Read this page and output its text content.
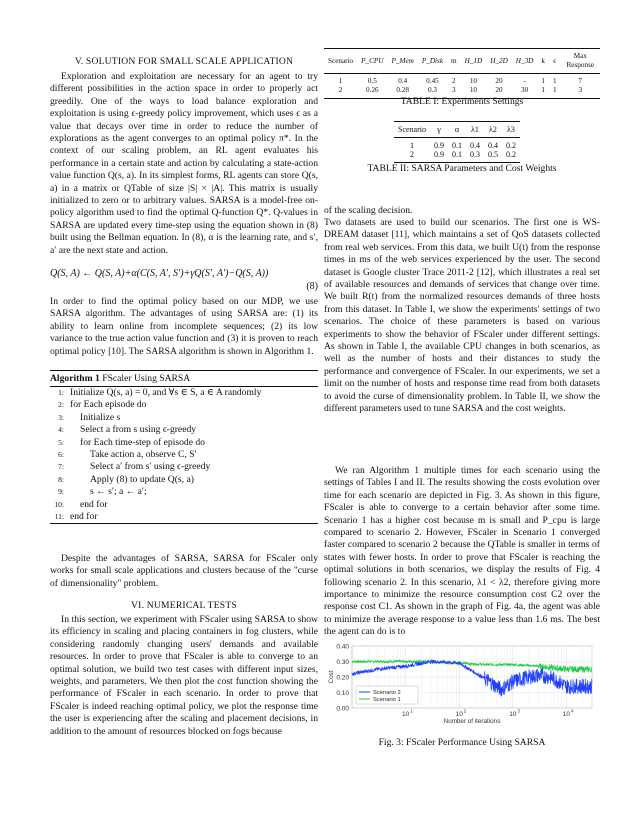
V. SOLUTION FOR SMALL SCALE APPLICATION

Exploration and exploitation are necessary for an agent to try different possibilities in the action space in order to properly act greedily. One of the ways to load balance exploration and exploitation is using ϵ-greedy policy improvement, which uses ϵ as a value that decays over time in order to reduce the number of explorations as the agent converges to an optimal policy π*. In the context of our scaling problem, an RL agent evaluates his performance in a certain state and action by calculating a state-action value function Q(s, a). In its simplest forms, RL agents can store Q(s, a) in a matrix or QTable of size |S| × |A|. This matrix is usually initialized to zero or to arbitrary values. SARSA is a model-free on-policy algorithm used to find the optimal Q-function Q*. Q-values in SARSA are updated every time-step using the equation shown in (8) built using the Bellman equation. In (8), α is the learning rate, and s′, a′ are the next state and action.

Q(S, A) ← Q(S, A)+α(C(S, A′, S′)+γQ(S′, A′)−Q(S, A))
(8)

In order to find the optimal policy based on our MDP, we use SARSA algorithm. The advantages of using SARSA are: (1) its ability to learn online from incomplete sequences; (2) its low variance to the true action value function and (3) it is proven to reach optimal policy [10]. The SARSA algorithm is shown in Algorithm 1.

Algorithm 1 FScaler Using SARSA
1: Initialize Q(s, a) = 0, and ∀s ∈ S, a ∈ A randomly
2: for Each episode do
3: Initialize s
4: Select a from s using ϵ-greedy
5: for Each time-step of episode do
6:	Take action a, observe C, S′
7:	Select a′ from s′ using ϵ-greedy
8:	Apply (8) to update Q(s, a)
9:	s ← s′; a ← a′;
10: end for
11: end for

Despite the advantages of SARSA, SARSA for FScaler only works for small scale applications and clusters because of the "curse of dimensionality" problem.

VI. NUMERICAL TESTS

In this section, we experiment with FScaler using SARSA to show its efficiency in scaling and placing containers in fog clusters, while considering randomly changing users' demands and available resources. In order to prove that FScaler is able to converge to an optimal solution, we build two test cases with different input sizes, weights, and parameters. We then plot the cost function showing the performance of FScaler in each scenario. In order to prove that FScaler is indeed reaching optimal policy, we plot the response time the user is experiencing after the scaling and placement decisions, in addition to the amount of resources blocked on fogs because

Scenario	P_CPU	P_Mem	P_Disk	m	H_1D	H_2D	H_3D	k	ϵ	Max Response
1	0.5	0.4	0.45	2	10	20	-	1	1	7
2	0.26	0.28	0.3	3	10	20	30	1	1	3
TABLE I: Experiments Settings
Scenario	γ	α	λ1	λ2	λ3
1	0.9	0.1	0.4	0.4	0.2
2	0.9	0.1	0.3	0.5	0.2
TABLE II: SARSA Parameters and Cost Weights

of the scaling decision.

Two datasets are used to build our scenarios. The first one is WS-DREAM dataset [11], which maintains a set of QoS datasets collected from real web services. From this data, we built U(t) from the response times in ms of the web services experienced by the user. The second dataset is Google cluster Trace 2011-2 [12], which illustrates a real set of available resources and demands of services that change over time. We built R(t) from the normalized resources demands of three hosts from this dataset. In Table I, we show the experiments' settings of two scenarios. The choice of these parameters is based on various experiments to show the behavior of FScaler under different settings. As shown in Table I, the available CPU changes in both scenarios, as well as the number of hosts and their distances to study the performance and convergence of FScaler. In our experiments, we set a limit on the number of hosts and response time read from both datasets to avoid the curse of dimensionality problem. In Table II, we show the different parameters used to tune SARSA and the cost weights.

We ran Algorithm 1 multiple times for each scenario using the settings of Tables I and II. The results showing the costs evolution over time for each scenario are depicted in Fig. 3. As shown in this figure, FScaler is able to converge to a certain behavior after some time. Scenario 1 has a higher cost because m is small and P_cpu is large compared to scenario 2. However, FScaler in Scenario 1 converged faster compared to scenario 2 because the QTable is smaller in terms of states with fewer hosts. In order to prove that FScaler is reaching the optimal solutions in both scenarios, we display the results of Fig. 4 following scenario 2. In this scenario, λ1 < λ2, therefore giving more importance to minimize the resource consumption cost C2 over the response cost C1. As shown in the graph of Fig. 4a, the agent was able to minimize the average response to a value less than 1.6 ms. The best the agent can do is to

0.00
0.10
0.20
0.30
0.40
10 1	10 2	10 3	10 4
Number of iterations
Cost
Scenario 2
Scenario 1
Fig. 3: FScaler Performance Using SARSA
